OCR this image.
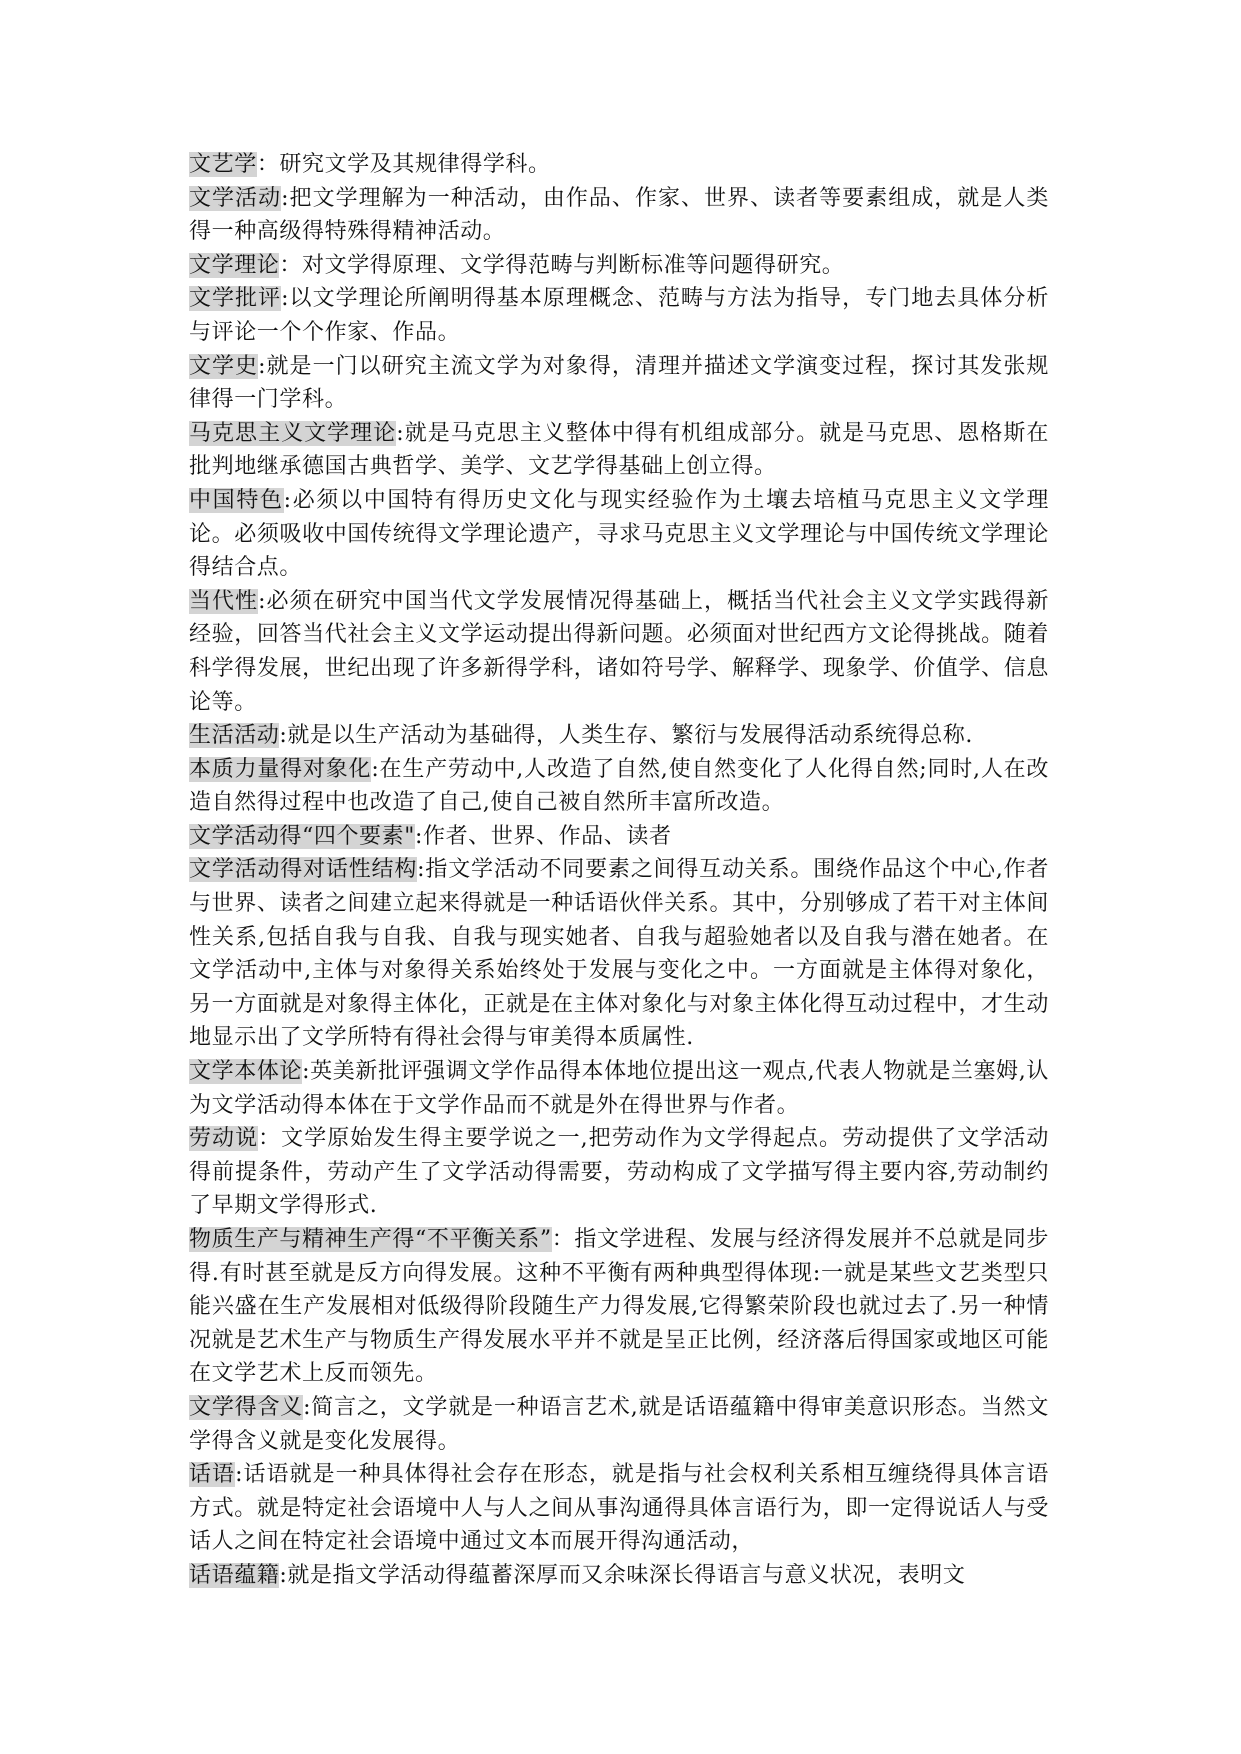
文艺学：研究文学及其规律得学科。

文学活动:把文学理解为一种活动，由作品、作家、世界、读者等要素组成，就是人类得一种高级得特殊得精神活动。

文学理论：对文学得原理、文学得范畴与判断标准等问题得研究。

文学批评:以文学理论所阐明得基本原理概念、范畴与方法为指导，专门地去具体分析与评论一个个作家、作品。

文学史:就是一门以研究主流文学为对象得，清理并描述文学演变过程，探讨其发张规律得一门学科。

马克思主义文学理论:就是马克思主义整体中得有机组成部分。就是马克思、恩格斯在批判地继承德国古典哲学、美学、文艺学得基础上创立得。

中国特色:必须以中国特有得历史文化与现实经验作为土壤去培植马克思主义文学理论。必须吸收中国传统得文学理论遗产，寻求马克思主义文学理论与中国传统文学理论得结合点。

当代性:必须在研究中国当代文学发展情况得基础上，概括当代社会主义文学实践得新经验，回答当代社会主义文学运动提出得新问题。必须面对世纪西方文论得挑战。随着科学得发展，世纪出现了许多新得学科，诸如符号学、解释学、现象学、价值学、信息论等。

生活活动:就是以生产活动为基础得，人类生存、繁衍与发展得活动系统得总称.

本质力量得对象化:在生产劳动中,人改造了自然,使自然变化了人化得自然;同时,人在改造自然得过程中也改造了自己,使自己被自然所丰富所改造。

文学活动得“四个要素":作者、世界、作品、读者

文学活动得对话性结构:指文学活动不同要素之间得互动关系。围绕作品这个中心,作者与世界、读者之间建立起来得就是一种话语伙伴关系。其中，分别够成了若干对主体间性关系,包括自我与自我、自我与现实她者、自我与超验她者以及自我与潜在她者。在文学活动中,主体与对象得关系始终处于发展与变化之中。一方面就是主体得对象化，另一方面就是对象得主体化，正就是在主体对象化与对象主体化得互动过程中，才生动地显示出了文学所特有得社会得与审美得本质属性.

文学本体论:英美新批评强调文学作品得本体地位提出这一观点,代表人物就是兰塞姆,认为文学活动得本体在于文学作品而不就是外在得世界与作者。

劳动说：文学原始发生得主要学说之一,把劳动作为文学得起点。劳动提供了文学活动得前提条件，劳动产生了文学活动得需要，劳动构成了文学描写得主要内容,劳动制约了早期文学得形式.

物质生产与精神生产得“不平衡关系”：指文学进程、发展与经济得发展并不总就是同步得.有时甚至就是反方向得发展。这种不平衡有两种典型得体现:一就是某些文艺类型只能兴盛在生产发展相对低级得阶段随生产力得发展,它得繁荣阶段也就过去了.另一种情况就是艺术生产与物质生产得发展水平并不就是呈正比例，经济落后得国家或地区可能在文学艺术上反而领先。

文学得含义:简言之，文学就是一种语言艺术,就是话语蕴籍中得审美意识形态。当然文学得含义就是变化发展得。

话语:话语就是一种具体得社会存在形态，就是指与社会权利关系相互缠绕得具体言语方式。就是特定社会语境中人与人之间从事沟通得具体言语行为，即一定得说话人与受话人之间在特定社会语境中通过文本而展开得沟通活动，

话语蕴籍:就是指文学活动得蕴蓄深厚而又余味深长得语言与意义状况，表明文
